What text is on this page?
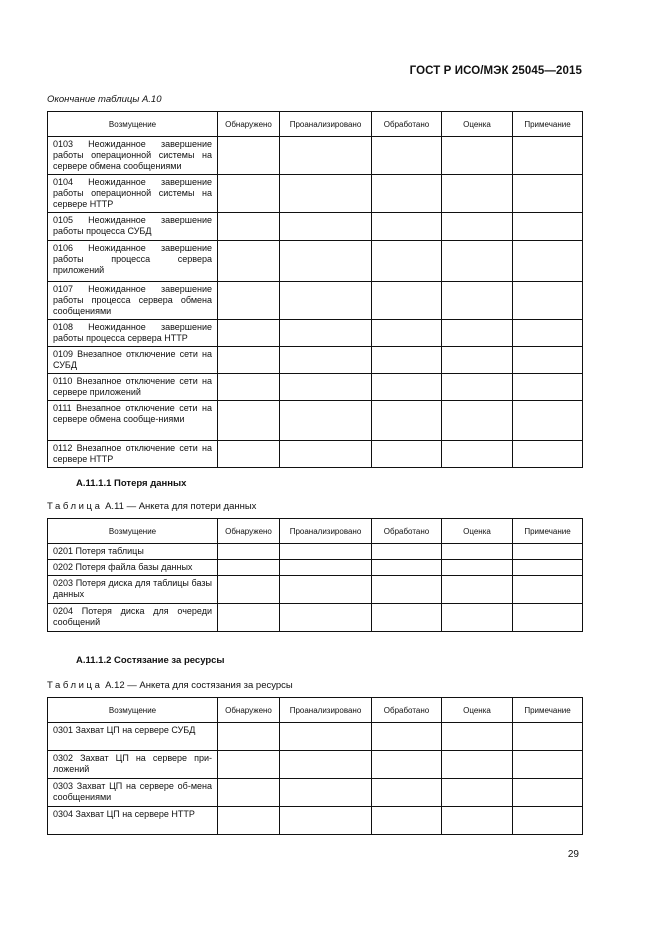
ГОСТ Р ИСО/МЭК 25045—2015
Окончание таблицы А.10
Возмущение	Обнаружено	Проанализировано	Обработано	Оценка	Примечание
0103 Неожиданное завершение работы операционной системы на сервере обмена сообщениями					
0104 Неожиданное завершение работы операционной системы на сервере HTTP					
0105 Неожиданное завершение работы процесса СУБД					
0106 Неожиданное завершение работы процесса сервера приложений					
0107 Неожиданное завершение работы процесса сервера обмена сообщениями					
0108 Неожиданное завершение работы процесса сервера HTTP					
0109 Внезапное отключение сети на СУБД					
0110 Внезапное отключение сети на сервере приложений					
0111 Внезапное отключение сети на сервере обмена сообще-ниями					
0112 Внезапное отключение сети на сервере HTTP					
А.11.1.1 Потеря данных
Таблица А.11 — Анкета для потери данных
Возмущение	Обнаружено	Проанализировано	Обработано	Оценка	Примечание
0201 Потеря таблицы					
0202 Потеря файла базы данных					
0203 Потеря диска для таблицы базы данных					
0204 Потеря диска для очереди сообщений					
А.11.1.2 Состязание за ресурсы
Таблица А.12 — Анкета для состязания за ресурсы
Возмущение	Обнаружено	Проанализировано	Обработано	Оценка	Примечание
0301 Захват ЦП на сервере СУБД					
0302 Захват ЦП на сервере при-ложений					
0303 Захват ЦП на сервере об-мена сообщениями					
0304 Захват ЦП на сервере HTTP					
29
